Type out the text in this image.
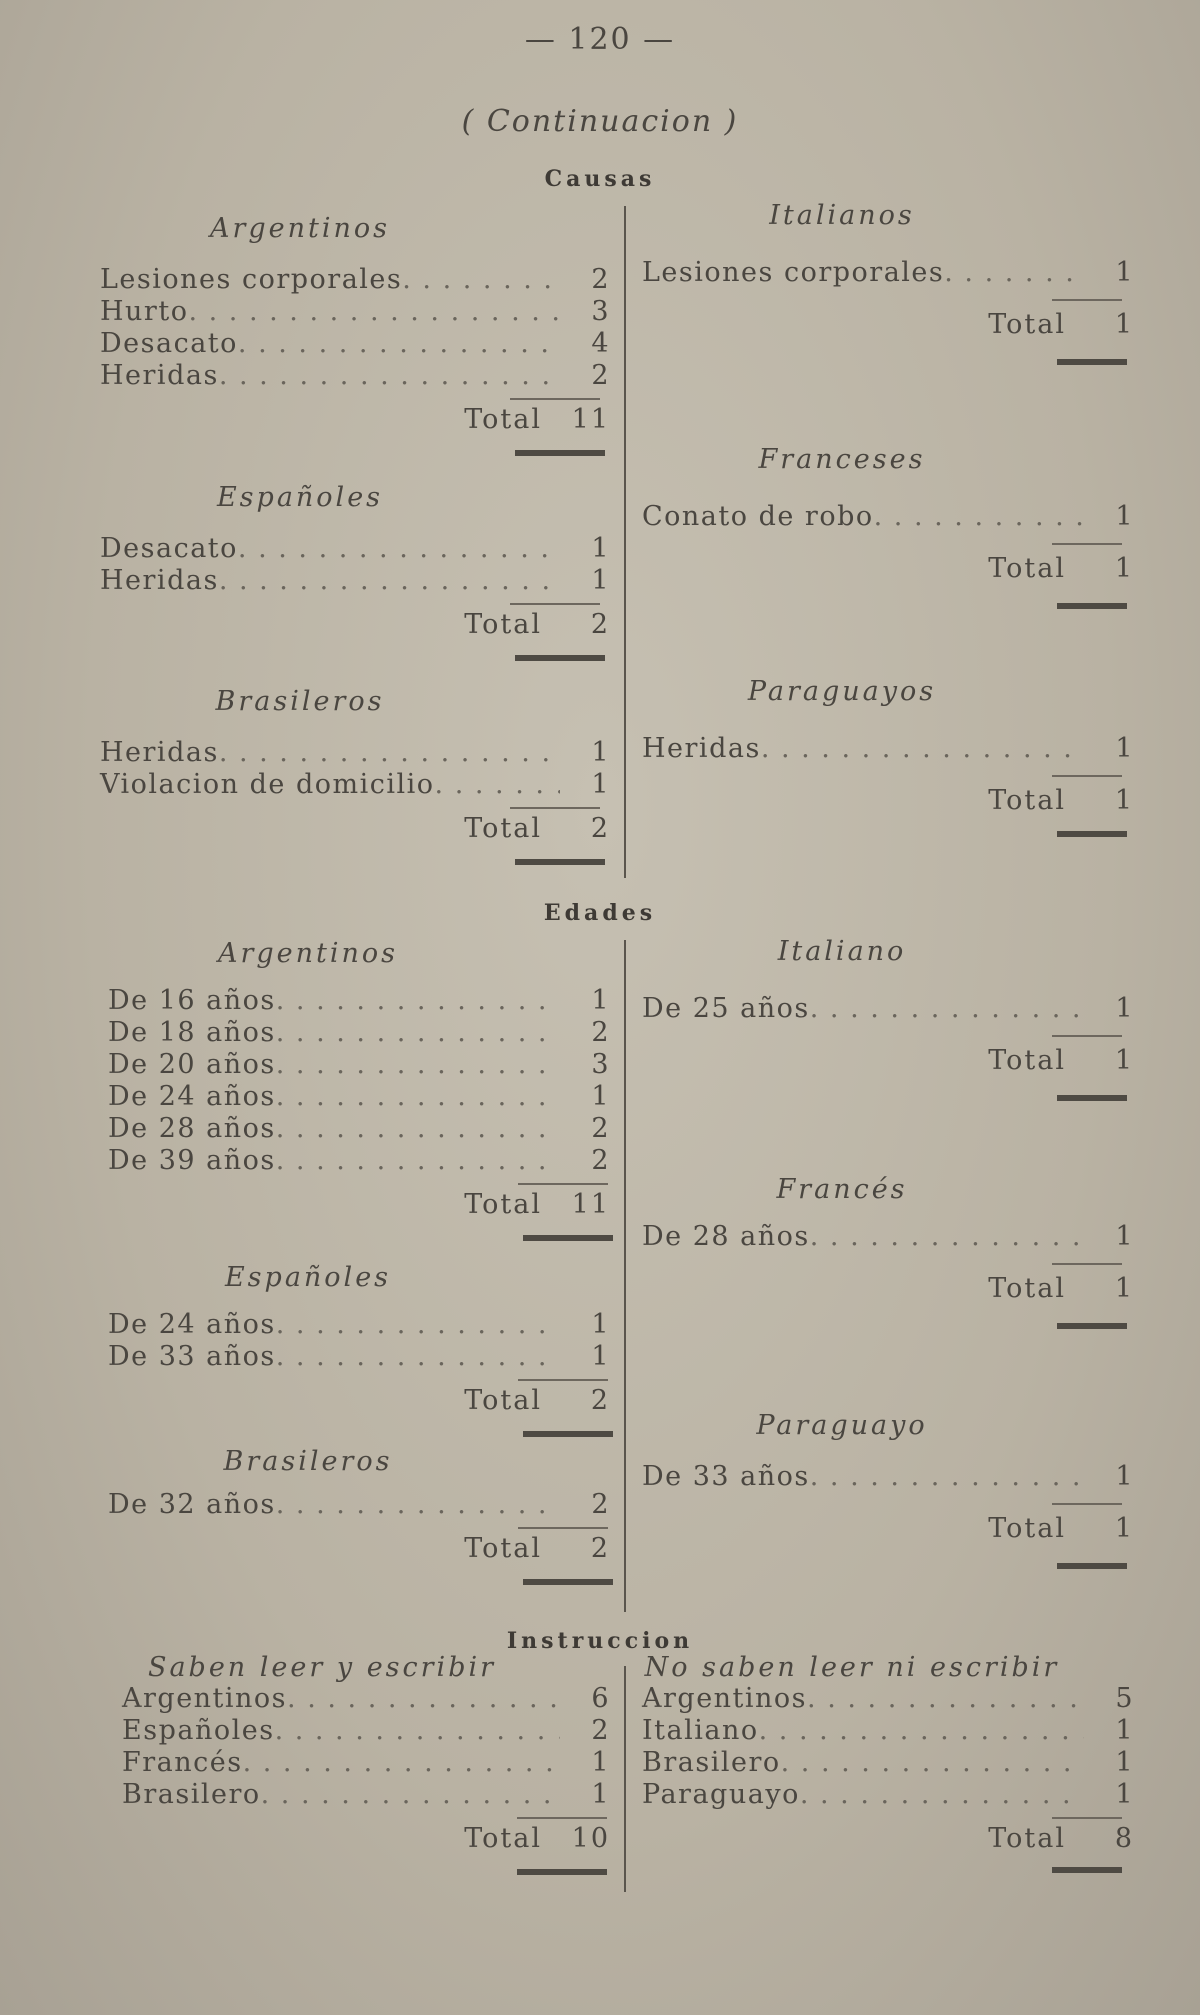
— 120 —
( Continuacion )
Causas
Argentinos
Lesiones corporales . . .	2
Hurto . . .	3
Desacato . . .	4
Heridas . . .	2
Total	11
Españoles
Desacato . . .	1
Heridas . . .	1
Total	2
Brasileros
Heridas . . .	1
Violacion de domicilio . . .	1
Total	2
Italianos
Lesiones corporales . . .	1
Total	1
Franceses
Conato de robo . . .	1
Total	1
Paraguayos
Heridas . . .	1
Total	1
Edades
Argentinos
De 16 años . . .	1
De 18 años . . .	2
De 20 años . . .	3
De 24 años . . .	1
De 28 años . . .	2
De 39 años . . .	2
Total	11
Españoles
De 24 años . . .	1
De 33 años . . .	1
Total	2
Brasileros
De 32 años . . .	2
Total	2
Italiano
De 25 años . . .	1
Total	1
Francés
De 28 años . . .	1
Total	1
Paraguayo
De 33 años . . .	1
Total	1
Instruccion
Saben leer y escribir
Argentinos . . .	6
Españoles . . .	2
Francés . . .	1
Brasilero . . .	1
Total	10
No saben leer ni escribir
Argentinos . . .	5
Italiano . . .	1
Brasilero . . .	1
Paraguayo . . .	1
Total	8
